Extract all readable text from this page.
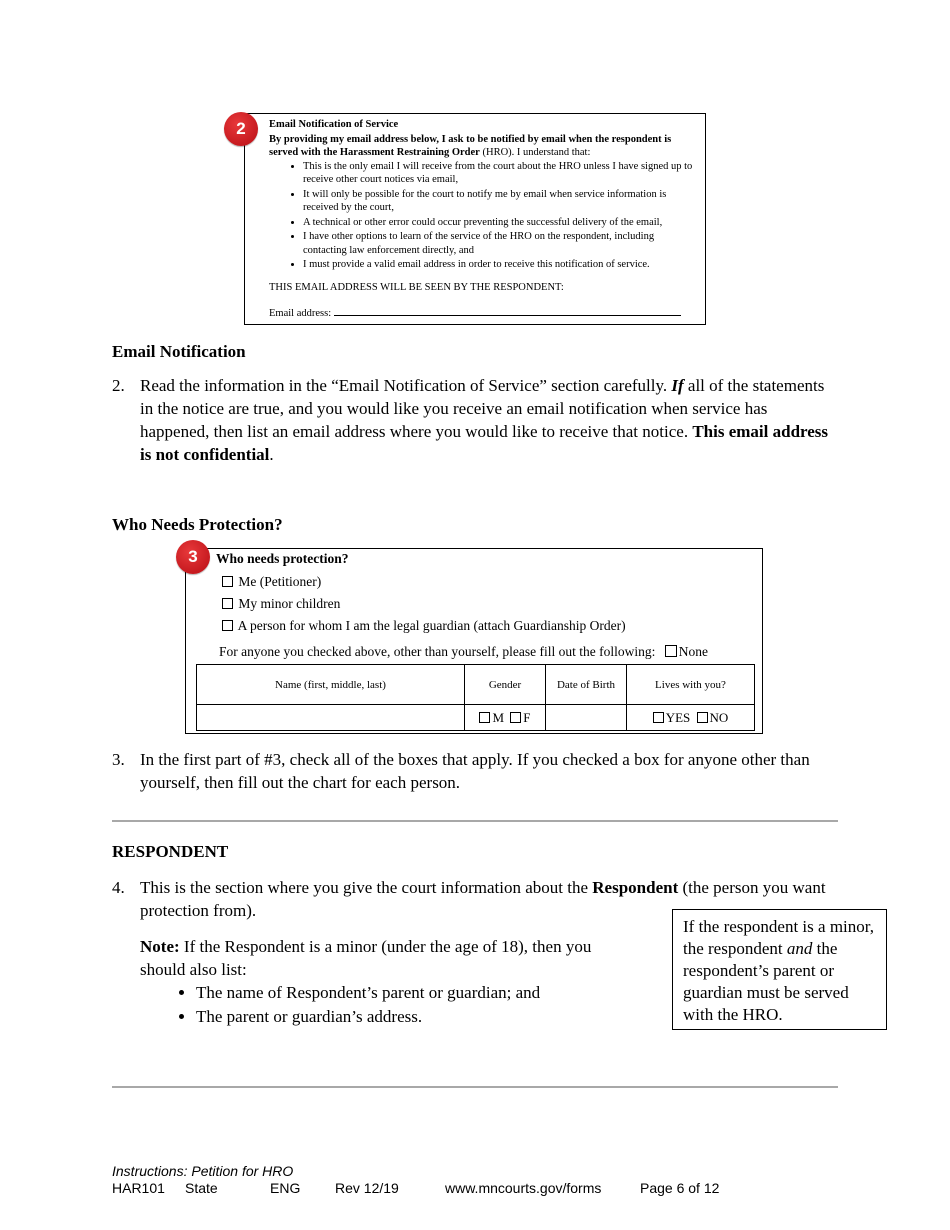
Email Notification of Service
By providing my email address below, I ask to be notified by email when the respondent is served with the Harassment Restraining Order (HRO). I understand that:
• This is the only email I will receive from the court about the HRO unless I have signed up to receive other court notices via email,
• It will only be possible for the court to notify me by email when service information is received by the court,
• A technical or other error could occur preventing the successful delivery of the email,
• I have other options to learn of the service of the HRO on the respondent, including contacting law enforcement directly, and
• I must provide a valid email address in order to receive this notification of service.
THIS EMAIL ADDRESS WILL BE SEEN BY THE RESPONDENT:
Email address:
2
Email Notification
2. Read the information in the “Email Notification of Service” section carefully. If all of the statements in the notice are true, and you would like you receive an email notification when service has happened, then list an email address where you would like to receive that notice. This email address is not confidential.
Who Needs Protection?
Who needs protection?
Me (Petitioner)
My minor children
A person for whom I am the legal guardian (attach Guardianship Order)
For anyone you checked above, other than yourself, please fill out the following: None
Name (first, middle, last)	Gender	Date of Birth	Lives with you?
	M F		YES NO
3
3. In the first part of #3, check all of the boxes that apply. If you checked a box for anyone other than yourself, then fill out the chart for each person.
RESPONDENT
4. This is the section where you give the court information about the Respondent (the person you want protection from).
Note: If the Respondent is a minor (under the age of 18), then you should also list:
• The name of Respondent’s parent or guardian; and
• The parent or guardian’s address.
If the respondent is a minor, the respondent and the respondent’s parent or guardian must be served with the HRO.
Instructions: Petition for HRO
HAR101 State	ENG Rev 12/19	www.mncourts.gov/forms	Page 6 of 12
